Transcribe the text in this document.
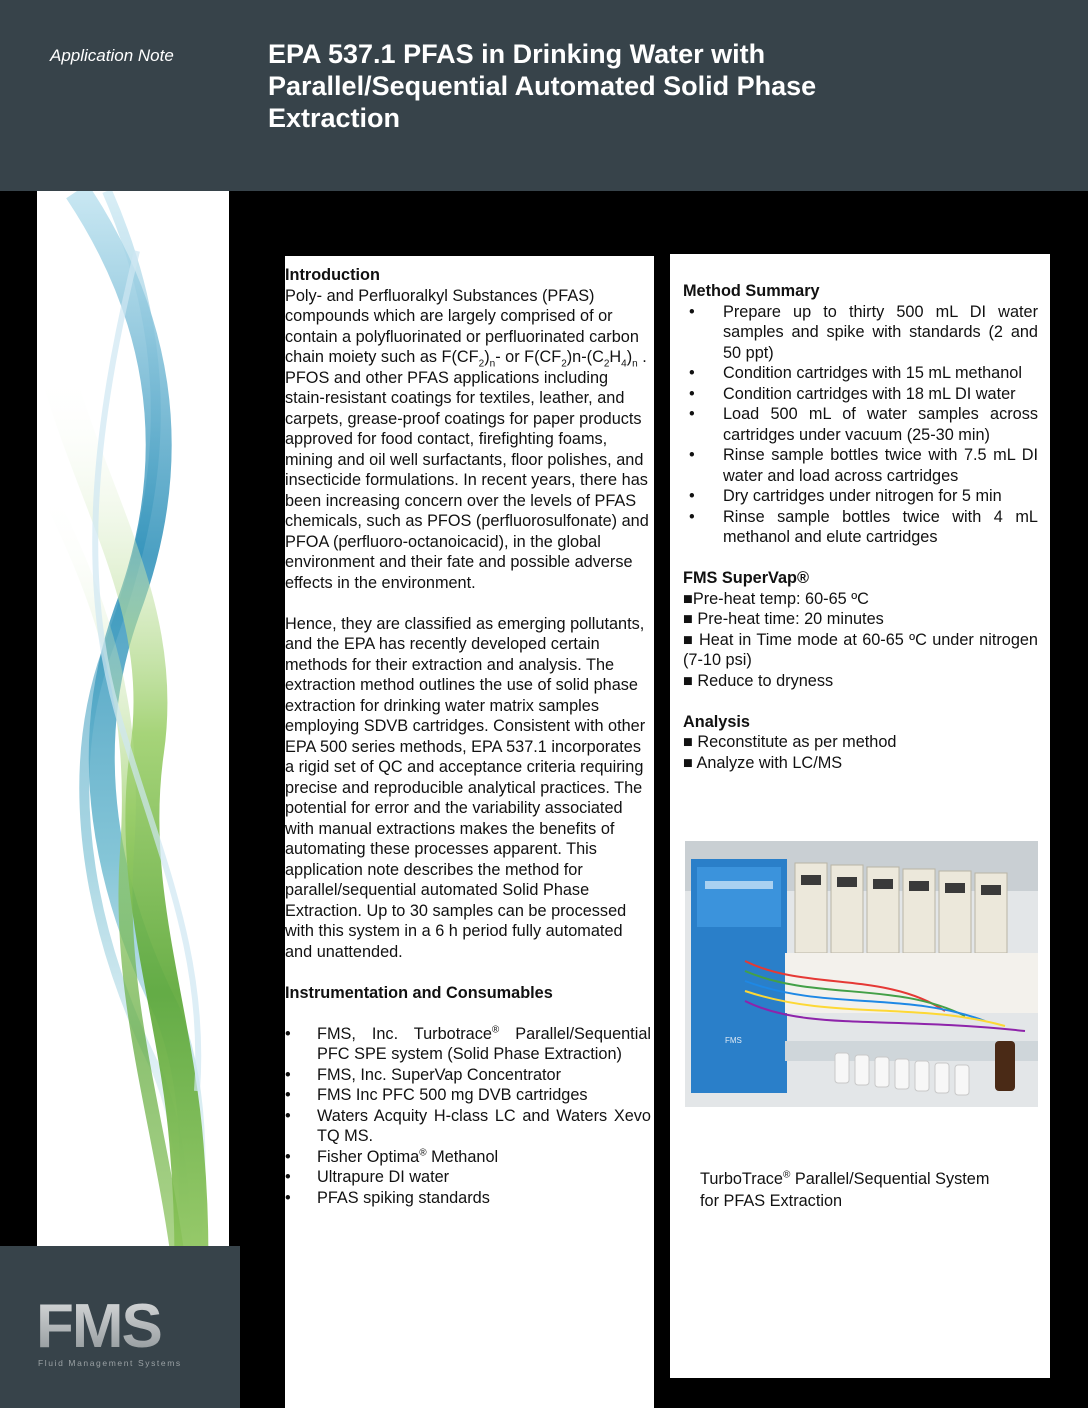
Application Note	EPA 537.1 PFAS in Drinking Water with
Parallel/Sequential Automated Solid Phase
Extraction
FMS
Fluid Management Systems

Introduction

Poly- and Perfluoralkyl Substances (PFAS) compounds which are largely comprised of or contain a polyfluorinated or perfluorinated carbon chain moiety such as $F(CF_2)_n-$ or $F(CF_2)n-(C_2H_4)_n$ . PFOS and other PFAS applications including stain-resistant coatings for textiles, leather, and carpets, grease-proof coatings for paper products approved for food contact, firefighting foams, mining and oil well surfactants, floor polishes, and insecticide formulations. In recent years, there has been increasing concern over the levels of PFAS chemicals, such as PFOS (perfluorosulfonate) and PFOA (perfluoro-octanoicacid), in the global environment and their fate and possible adverse effects in the environment.

Hence, they are classified as emerging pollutants, and the EPA has recently developed certain methods for their extraction and analysis. The extraction method outlines the use of solid phase extraction for drinking water matrix samples employing SDVB cartridges. Consistent with other EPA 500 series methods, EPA 537.1 incorporates a rigid set of QC and acceptance criteria requiring precise and reproducible analytical practices. The potential for error and the variability associated with manual extractions makes the benefits of automating these processes apparent. This application note describes the method for parallel/sequential automated Solid Phase Extraction. Up to 30 samples can be processed with this system in a 6 h period fully automated and unattended.

Instrumentation and Consumables

• FMS, Inc. Turbotrace® Parallel/Sequential PFC SPE system (Solid Phase Extraction)
• FMS, Inc. SuperVap Concentrator
• FMS Inc PFC 500 mg DVB cartridges
• Waters Acquity H-class LC and Waters Xevo TQ MS.
• Fisher Optima® Methanol
• Ultrapure DI water
• PFAS spiking standards

Method Summary

• Prepare up to thirty 500 mL DI water samples and spike with standards (2 and 50 ppt)
• Condition cartridges with 15 mL methanol
• Condition cartridges with 18 mL DI water
• Load 500 mL of water samples across cartridges under vacuum (25-30 min)
• Rinse sample bottles twice with 7.5 mL DI water and load across cartridges
• Dry cartridges under nitrogen for 5 min
• Rinse sample bottles twice with 4 mL methanol and elute cartridges

FMS SuperVap®

■Pre-heat temp: 60-65 ºC

■ Pre-heat time: 20 minutes

■ Heat in Time mode at 60-65 ºC under nitrogen (7-10 psi)

■ Reduce to dryness

Analysis

■ Reconstitute as per method

■ Analyze with LC/MS

FMS
TurboTrace® Parallel/Sequential System for PFAS Extraction
